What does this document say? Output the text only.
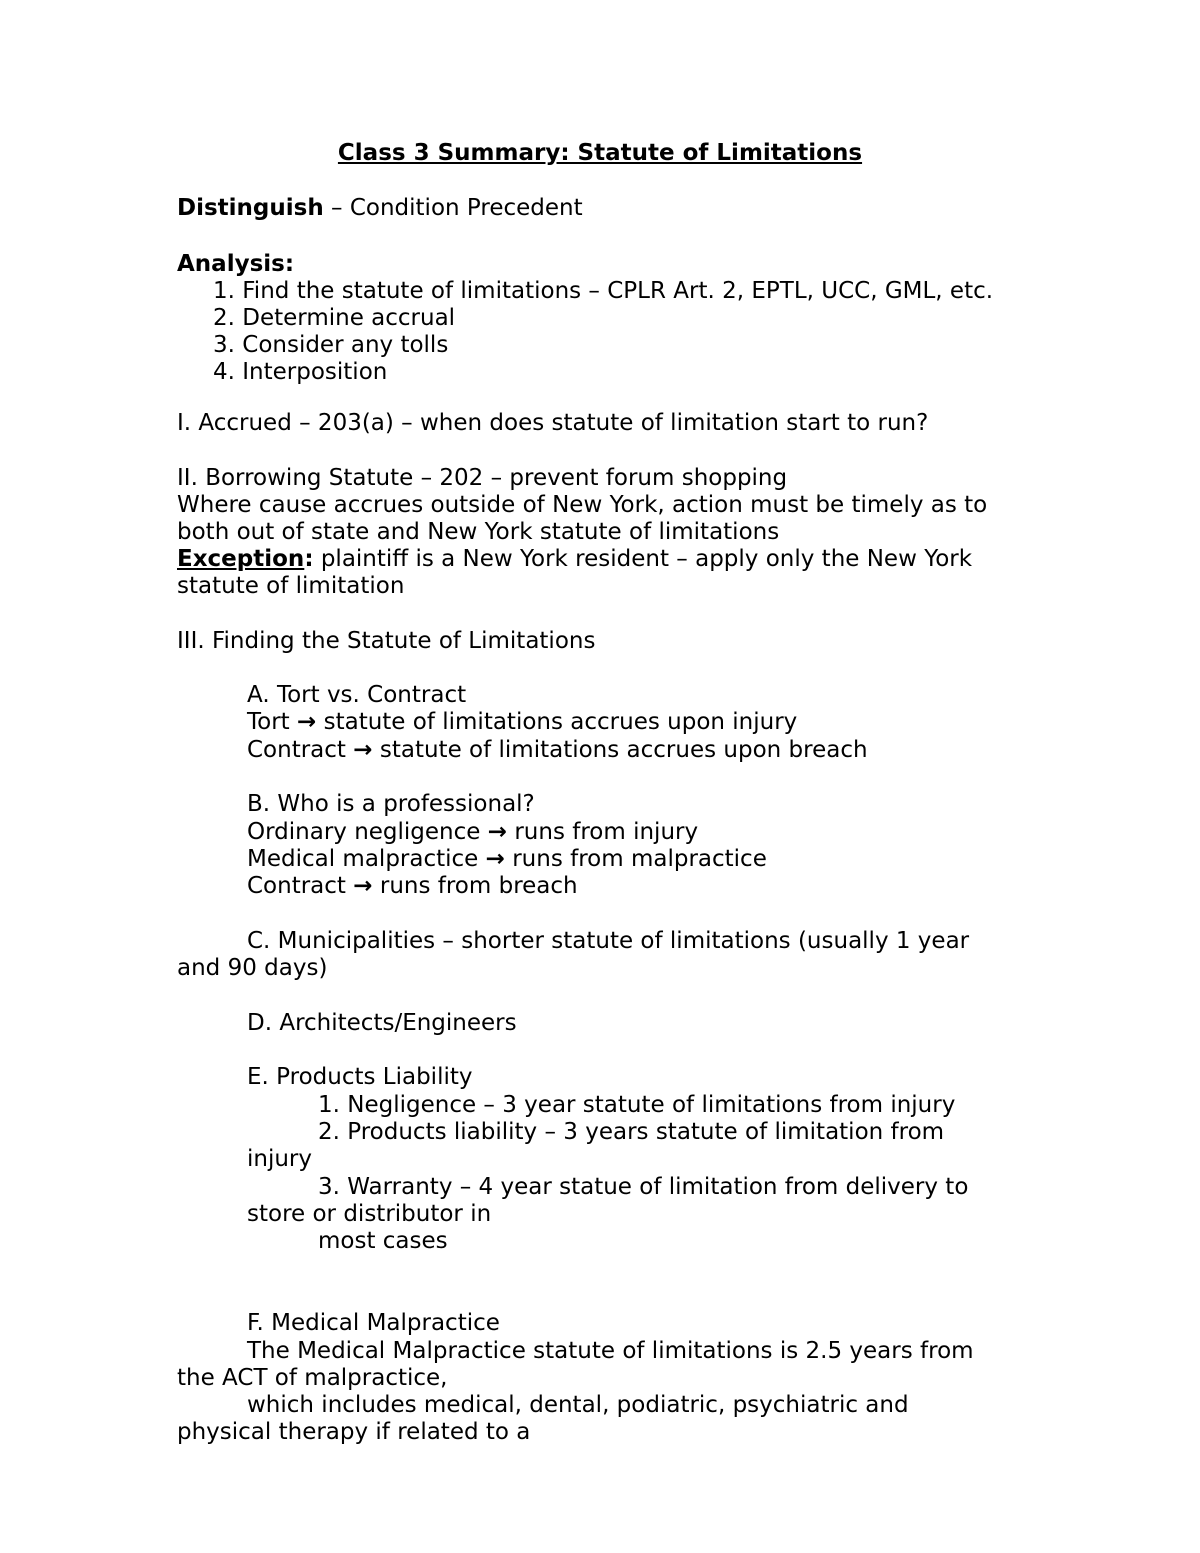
Class 3 Summary: Statute of Limitations
Distinguish – Condition Precedent
Analysis:
1. Find the statute of limitations – CPLR Art. 2, EPTL, UCC, GML, etc.
2. Determine accrual
3. Consider any tolls
4. Interposition
I. Accrued – 203(a) – when does statute of limitation start to run?
II. Borrowing Statute – 202 – prevent forum shopping
Where cause accrues outside of New York, action must be timely as to
both out of state and New York statute of limitations
Exception: plaintiff is a New York resident – apply only the New York
statute of limitation
III. Finding the Statute of Limitations
A. Tort vs. Contract
Tort → statute of limitations accrues upon injury
Contract → statute of limitations accrues upon breach
B. Who is a professional?
Ordinary negligence → runs from injury
Medical malpractice → runs from malpractice
Contract → runs from breach
C. Municipalities – shorter statute of limitations (usually 1 year
and 90 days)
D. Architects/Engineers
E. Products Liability
1. Negligence – 3 year statute of limitations from injury
2. Products liability – 3 years statute of limitation from
injury
3. Warranty – 4 year statue of limitation from delivery to
store or distributor in
most cases
F. Medical Malpractice
The Medical Malpractice statute of limitations is 2.5 years from
the ACT of malpractice,
which includes medical, dental, podiatric, psychiatric and
physical therapy if related to a
